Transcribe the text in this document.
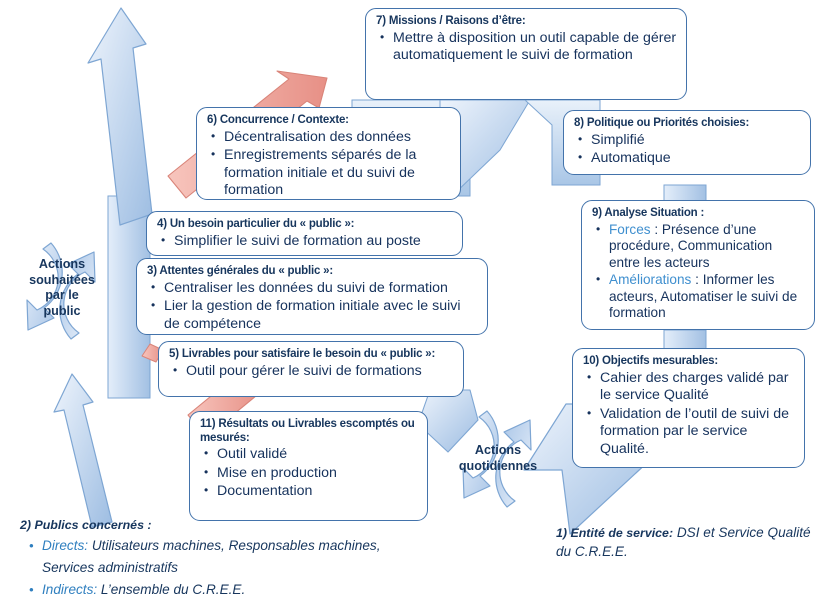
7) Missions / Raisons d’être:
• Mettre à disposition un outil capable de gérer automatiquement le suivi de formation
6) Concurrence / Contexte:
• Décentralisation des données
• Enregistrements séparés de la formation initiale et du suivi de formation
8) Politique ou Priorités choisies:
• Simplifié
• Automatique
4) Un besoin particulier du « public »:
• Simplifier le suivi de formation au poste
3) Attentes générales du « public »:
• Centraliser les données du suivi de formation
• Lier la gestion de formation initiale avec le suivi de compétence
9) Analyse Situation :
• Forces : Présence d’une procédure, Communication entre les acteurs
• Améliorations : Informer les acteurs, Automatiser le suivi de formation
5) Livrables pour satisfaire le besoin du « public »:
• Outil pour gérer le suivi de formations
10) Objectifs mesurables:
• Cahier des charges validé par le service Qualité
• Validation de l’outil de suivi de formation par le service Qualité.
11) Résultats ou Livrables escomptés ou mesurés:
• Outil validé
• Mise en production
• Documentation
Actions
souhaitées
par le
public
Actions
quotidiennes
2) Publics concernés :
• Directs: Utilisateurs machines, Responsables machines, Services administratifs
• Indirects: L’ensemble du C.R.E.E.
1) Entité de service: DSI et Service Qualité du C.R.E.E.
